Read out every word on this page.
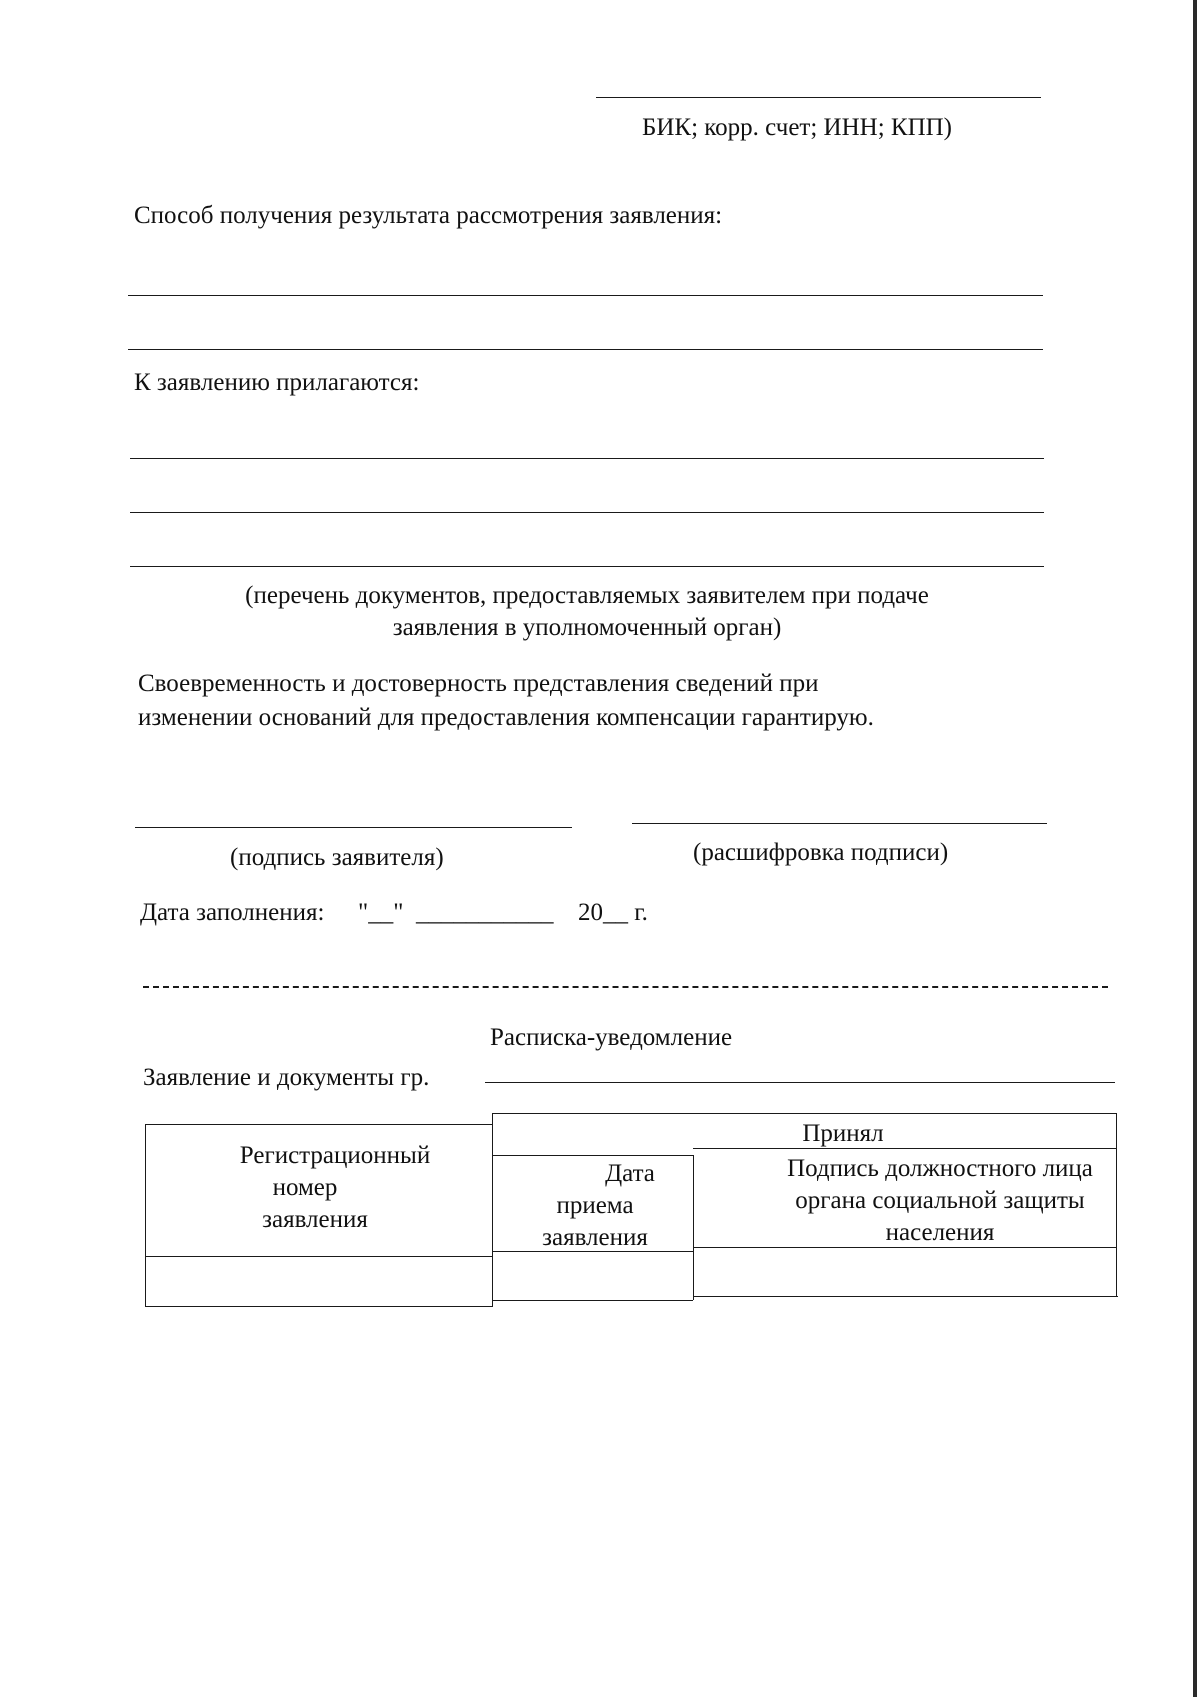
БИК; корр. счет; ИНН; КПП)
Способ получения результата рассмотрения заявления:
К заявлению прилагаются:
(перечень документов, предоставляемых заявителем при подаче
заявления в уполномоченный орган)
Своевременность и достоверность представления сведений при
изменении оснований для предоставления компенсации гарантирую.
(подпись заявителя)	(расшифровка подписи)
Дата заполнения: "__" ___________ 20__ г.
Расписка-уведомление
Заявление и документы гр.
Регистрационный
номер
заявления
Принял
Дата
приема
заявления
Подпись должностного лица
органа социальной защиты
населения
